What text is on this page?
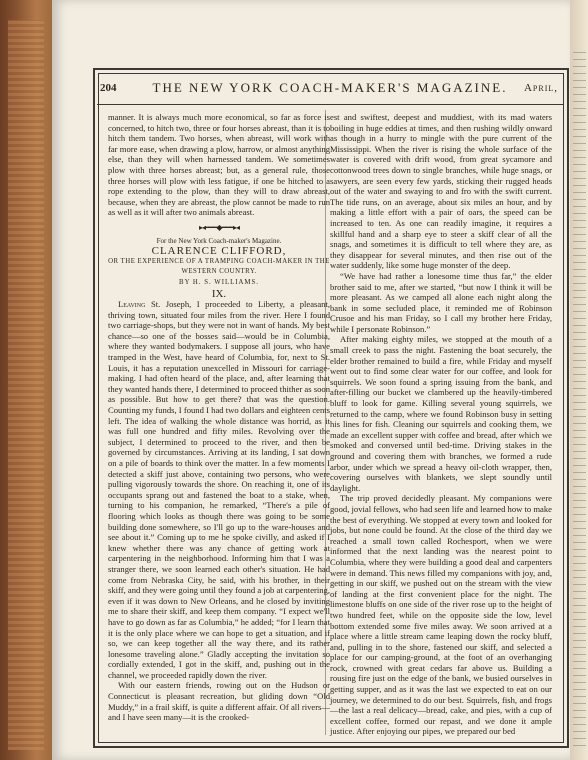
204	THE NEW YORK COACH-MAKER'S MAGAZINE.	April,

manner. It is always much more economical, so far as force is concerned, to hitch two, three or four horses abreast, than it is to hitch them tandem. Two horses, when abreast, will work with far more ease, when drawing a plow, harrow, or almost anything else, than they will when harnessed tandem. We sometimes plow with three horses abreast; but, as a general rule, those three horses will plow with less fatigue, if one be hitched to a rope extending to the plow, than they will to draw abreast, because, when they are abreast, the plow cannot be made to run as well as it will after two animals abreast.

▸◂━━━◆━━━▸◂

For the New York Coach-maker's Magazine.

CLARENCE CLIFFORD,

OR THE EXPERIENCE OF A TRAMPING COACH-MAKER IN THE WESTERN COUNTRY.

BY H. S. WILLIAMS.

IX.

Leaving St. Joseph, I proceeded to Liberty, a pleasant, thriving town, situated four miles from the river. Here I found two carriage-shops, but they were not in want of hands. My best chance—so one of the bosses said—would be in Columbia, where they wanted bodymakers. I suppose all jours, who have tramped in the West, have heard of Columbia, for, next to St. Louis, it has a reputation unexcelled in Missouri for carriage-making. I had often heard of the place, and, after learning that they wanted hands there, I determined to proceed thither as soon as possible. But how to get there? that was the question. Counting my funds, I found I had two dollars and eighteen cents left. The idea of walking the whole distance was horrid, as it was full one hundred and fifty miles. Revolving over the subject, I determined to proceed to the river, and then be governed by circumstances. Arriving at its landing, I sat down on a pile of boards to think over the matter. In a few moments I detected a skiff just above, containing two persons, who were pulling vigorously towards the shore. On reaching it, one of its occupants sprang out and fastened the boat to a stake, when, turning to his companion, he remarked, “There's a pile of flooring which looks as though there was going to be some building done somewhere, so I'll go up to the ware-houses and see about it.” Coming up to me he spoke civilly, and asked if I knew whether there was any chance of getting work at carpentering in the neighborhood. Informing him that I was a stranger there, we soon learned each other's situation. He had come from Nebraska City, he said, with his brother, in their skiff, and they were going until they found a job at carpentering, even if it was down to New Orleans, and he closed by inviting me to share their skiff, and keep them company. “I expect we'll have to go down as far as Columbia,” he added; “for I learn that it is the only place where we can hope to get a situation, and if so, we can keep together all the way there, and its rather lonesome traveling alone.” Gladly accepting the invitation so cordially extended, I got in the skiff, and, pushing out in the channel, we proceeded rapidly down the river.

With our eastern friends, rowing out on the Hudson or Connecticut is pleasant recreation, but gliding down “Old Muddy,” in a frail skiff, is quite a different affair. Of all rivers—and I have seen many—it is the crooked-

est and swiftest, deepest and muddiest, with its mad waters boiling in huge eddies at times, and then rushing wildly onward as though in a hurry to mingle with the pure current of the Mississippi. When the river is rising the whole surface of the water is covered with drift wood, from great sycamore and cottonwood trees down to single branches, while huge snags, or sawyers, are seen every few yards, sticking their rugged heads out of the water and swaying to and fro with the swift current. The tide runs, on an average, about six miles an hour, and by making a little effort with a pair of oars, the speed can be increased to ten. As one can readily imagine, it requires a skillful hand and a sharp eye to steer a skiff clear of all the snags, and sometimes it is difficult to tell where they are, as they disappear for several minutes, and then rise out of the water suddenly, like some huge monster of the deep.

“We have had rather a lonesome time thus far,” the elder brother said to me, after we started, “but now I think it will be more pleasant. As we camped all alone each night along the bank in some secluded place, it reminded me of Robinson Crusoe and his man Friday, so I call my brother here Friday, while I personate Robinson.”

After making eighty miles, we stopped at the mouth of a small creek to pass the night. Fastening the boat securely, the elder brother remained to build a fire, while Friday and myself went out to find some clear water for our coffee, and look for squirrels. We soon found a spring issuing from the bank, and after-filling our bucket we clambered up the heavily-timbered bluff to look for game. Killing several young squirrels, we returned to the camp, where we found Robinson busy in setting his lines for fish. Cleaning our squirrels and cooking them, we made an excellent supper with coffee and bread, after which we smoked and conversed until bed-time. Driving stakes in the ground and covering them with branches, we formed a rude arbor, under which we spread a heavy oil-cloth wrapper, then, covering ourselves with blankets, we slept soundly until daylight.

The trip proved decidedly pleasant. My companions were good, jovial fellows, who had seen life and learned how to make the best of everything. We stopped at every town and looked for jobs, but none could be found. At the close of the third day we reached a small town called Rochesport, when we were informed that the next landing was the nearest point to Columbia, where they were building a good deal and carpenters were in demand. This news filled my companions with joy, and, getting in our skiff, we pushed out on the stream with the view of landing at the first convenient place for the night. The limestone bluffs on one side of the river rose up to the height of two hundred feet, while on the opposite side the low, level bottom extended some five miles away. We soon arrived at a place where a little stream came leaping down the rocky bluff, and, pulling in to the shore, fastened our skiff, and selected a place for our camping-ground, at the foot of an overhanging rock, crowned with great cedars far above us. Building a rousing fire just on the edge of the bank, we busied ourselves in getting supper, and as it was the last we expected to eat on our journey, we determined to do our best. Squirrels, fish, and frogs—the last a real delicacy—bread, cake, and pies, with a cup of excellent coffee, formed our repast, and we done it ample justice. After enjoying our pipes, we prepared our bed
